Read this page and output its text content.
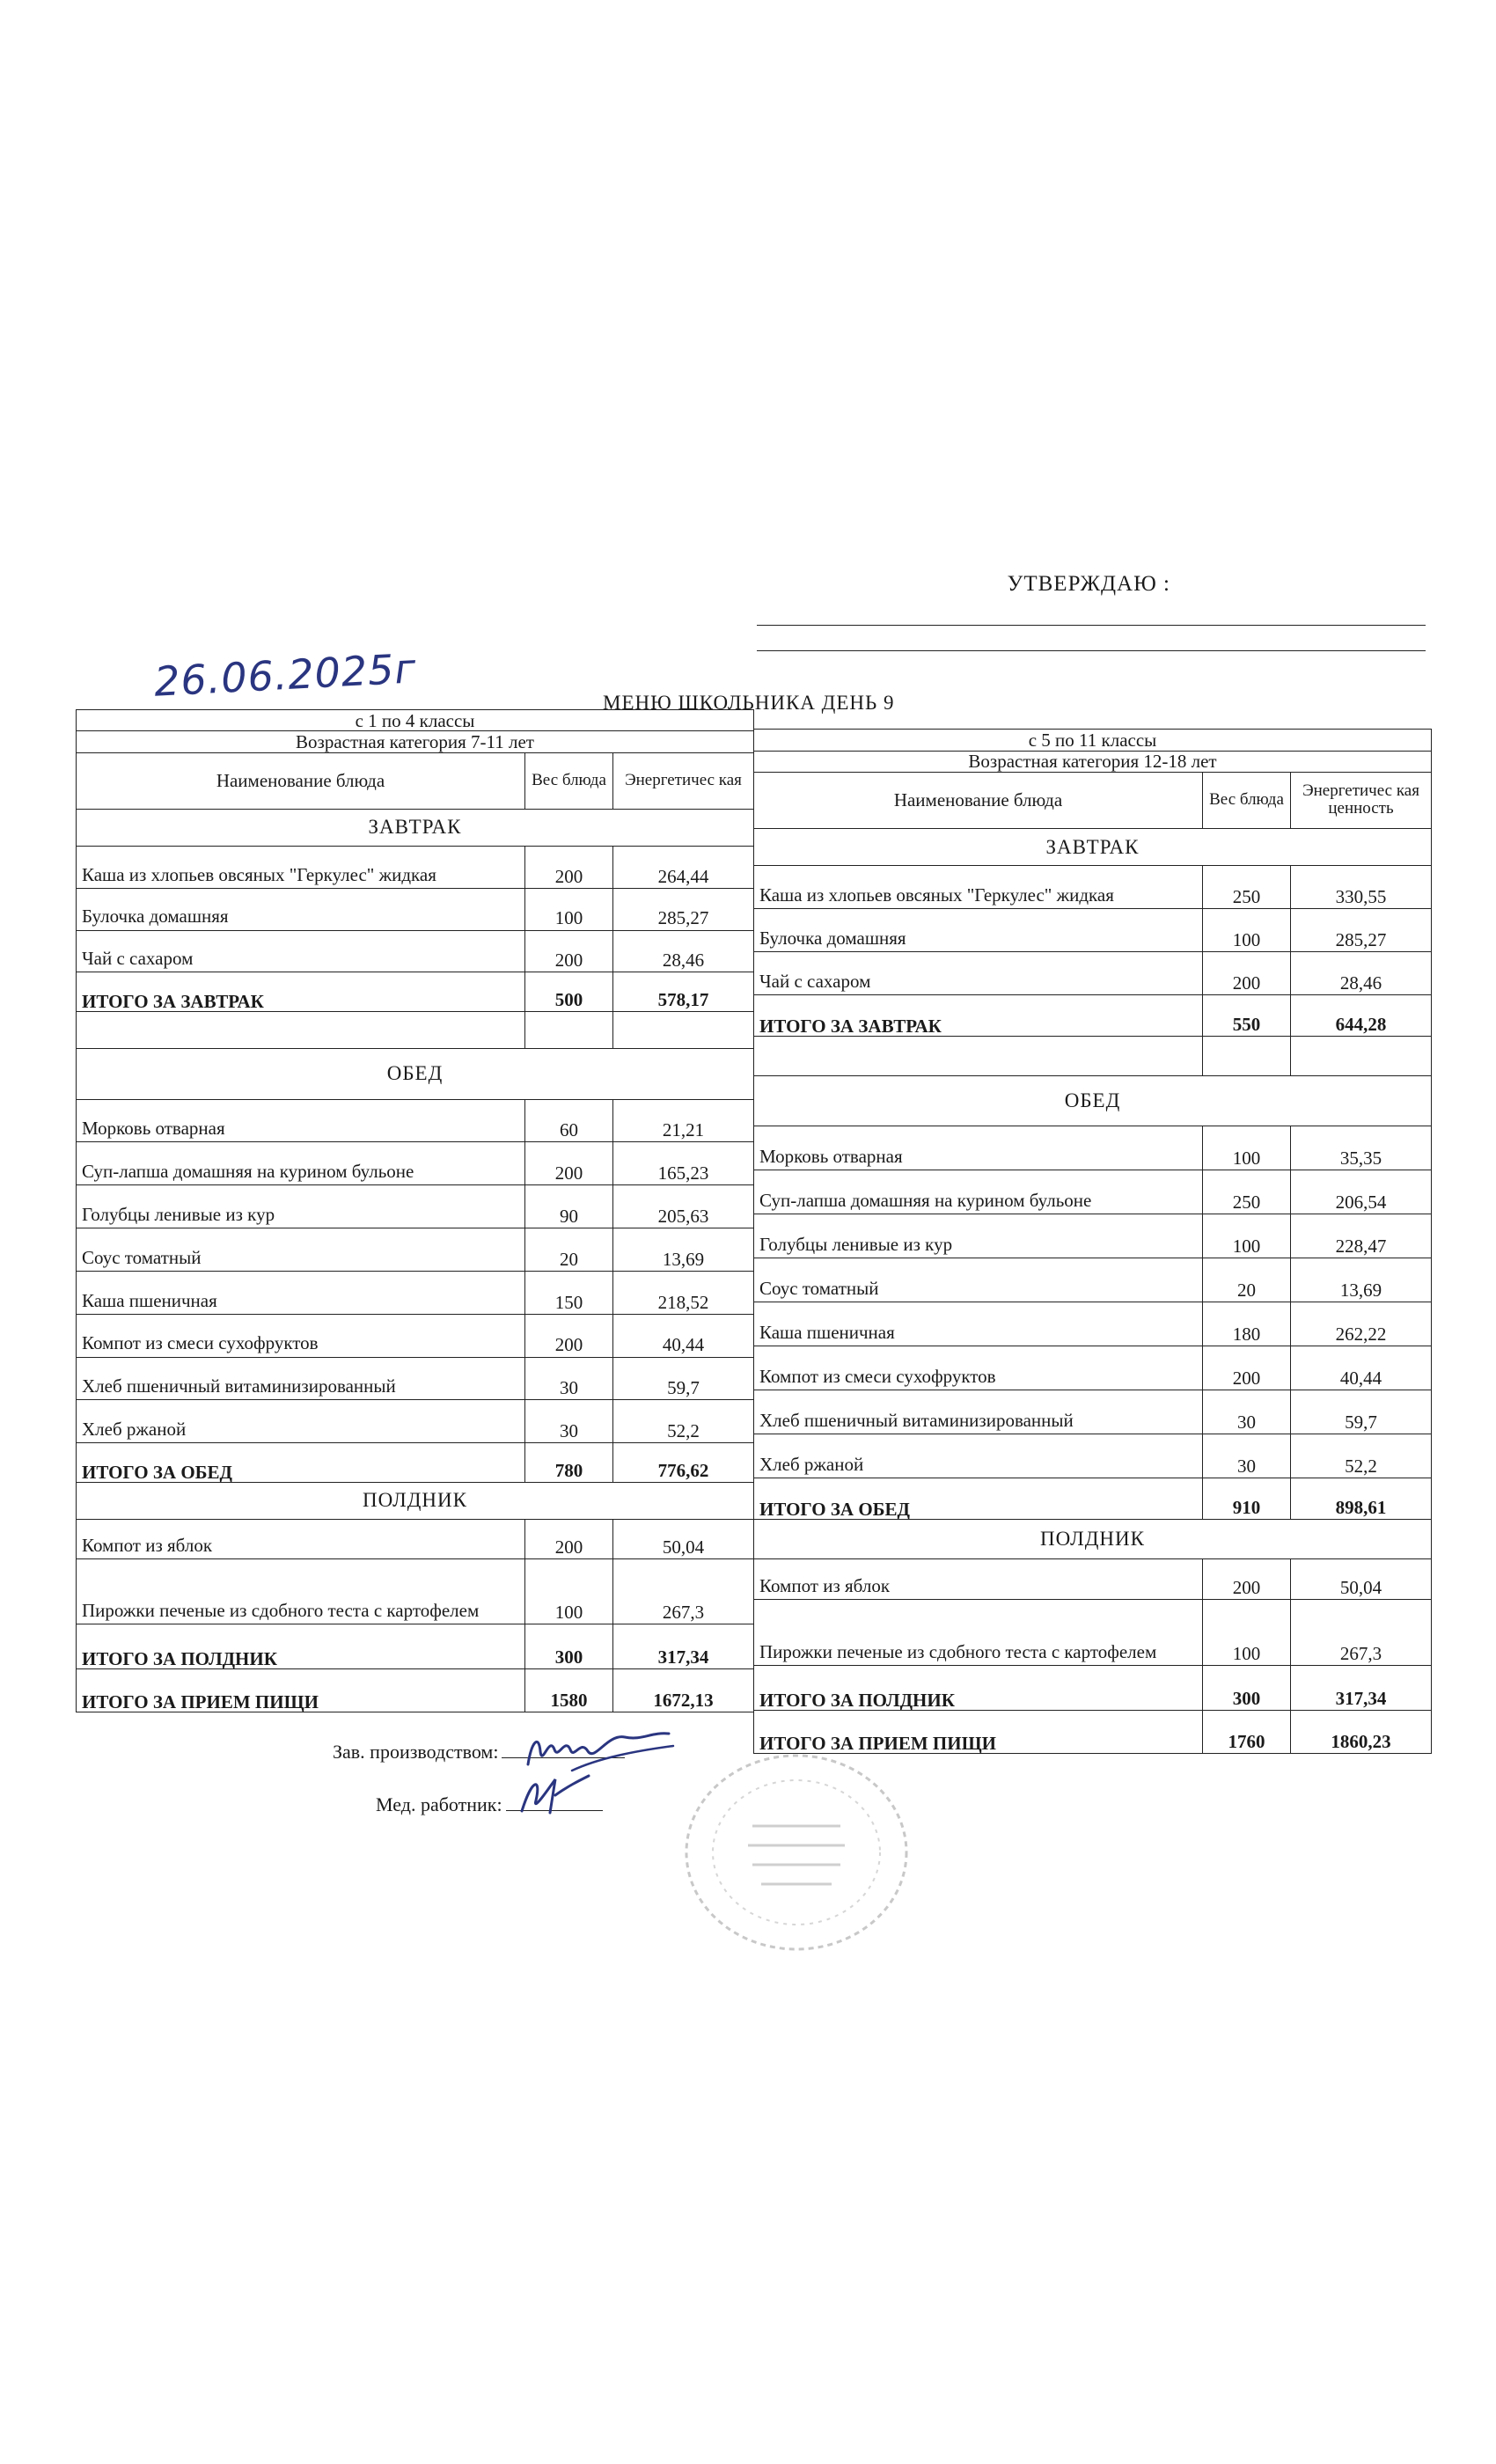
УТВЕРЖДАЮ :
26.06.2025г	МЕНЮ ШКОЛЬНИКА ДЕНЬ 9
с 1 по 4 классы		
Возрастная категория 7-11 лет		
Наименование блюда	Вес блюда	Энергетичес кая
ЗАВТРАК		
Каша из хлопьев овсяных "Геркулес" жидкая	200	264,44
Булочка домашняя	100	285,27
Чай с сахаром	200	28,46
ИТОГО ЗА ЗАВТРАК	500	578,17

ОБЕД		
Морковь отварная	60	21,21
Суп-лапша домашняя на курином бульоне	200	165,23
Голубцы ленивые из кур	90	205,63
Соус томатный	20	13,69
Каша пшеничная	150	218,52
Компот из смеси сухофруктов	200	40,44
Хлеб пшеничный витаминизированный	30	59,7
Хлеб ржаной	30	52,2
ИТОГО ЗА ОБЕД	780	776,62
ПОЛДНИК		
Компот из яблок	200	50,04
Пирожки печеные из сдобного теста с картофелем	100	267,3
ИТОГО ЗА ПОЛДНИК	300	317,34
ИТОГО ЗА ПРИЕМ ПИЩИ	1580	1672,13
с 5 по 11 классы		
Возрастная категория 12-18 лет		
Наименование блюда	Вес блюда	Энергетичес кая ценность
ЗАВТРАК		
Каша из хлопьев овсяных "Геркулес" жидкая	250	330,55
Булочка домашняя	100	285,27
Чай с сахаром	200	28,46
ИТОГО ЗА ЗАВТРАК	550	644,28

ОБЕД		
Морковь отварная	100	35,35
Суп-лапша домашняя на курином бульоне	250	206,54
Голубцы ленивые из кур	100	228,47
Соус томатный	20	13,69
Каша пшеничная	180	262,22
Компот из смеси сухофруктов	200	40,44
Хлеб пшеничный витаминизированный	30	59,7
Хлеб ржаной	30	52,2
ИТОГО ЗА ОБЕД	910	898,61
ПОЛДНИК		
Компот из яблок	200	50,04
Пирожки печеные из сдобного теста с картофелем	100	267,3
ИТОГО ЗА ПОЛДНИК	300	317,34
ИТОГО ЗА ПРИЕМ ПИЩИ	1760	1860,23
Зав. производством:
Мед. работник:
